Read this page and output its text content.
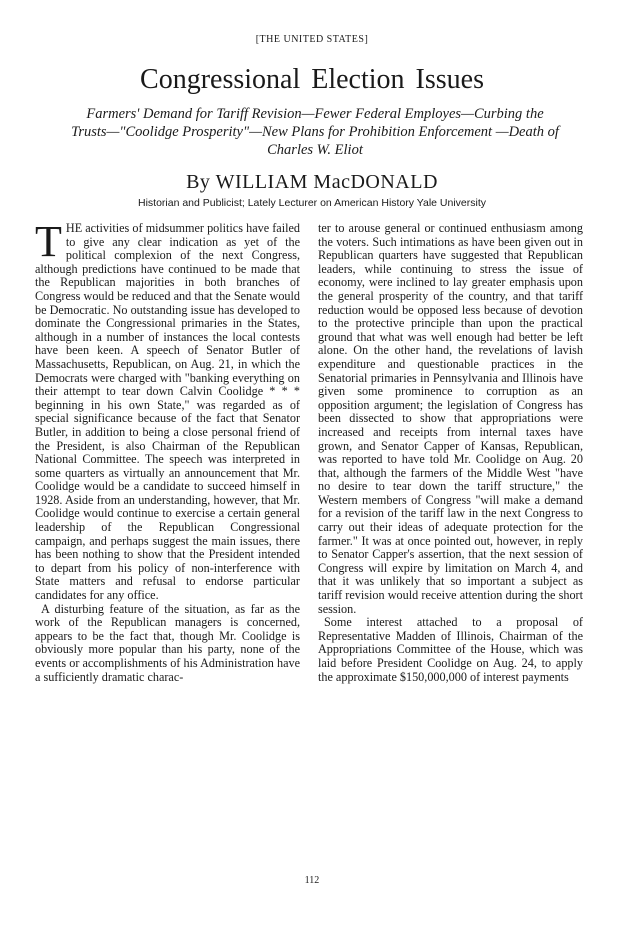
[THE UNITED STATES]
Congressional Election Issues
Farmers' Demand for Tariff Revision—Fewer Federal Employes—Curbing the Trusts—"Coolidge Prosperity"—New Plans for Prohibition Enforcement —Death of Charles W. Eliot
By WILLIAM MacDONALD
Historian and Publicist; Lately Lecturer on American History Yale University

T HE activities of midsummer politics have failed to give any clear indication as yet of the political complexion of the next Congress, although predictions have continued to be made that the Republican majorities in both branches of Congress would be reduced and that the Senate would be Democratic. No outstanding issue has developed to dominate the Congressional primaries in the States, although in a number of instances the local contests have been keen. A speech of Senator Butler of Massachusetts, Republican, on Aug. 21, in which the Democrats were charged with "banking everything on their attempt to tear down Calvin Coolidge * * * beginning in his own State," was regarded as of special significance because of the fact that Senator Butler, in addition to being a close personal friend of the President, is also Chairman of the Republican National Committee. The speech was interpreted in some quarters as virtually an announcement that Mr. Coolidge would be a candidate to succeed himself in 1928. Aside from an understanding, however, that Mr. Coolidge would continue to exercise a certain general leadership of the Republican Congressional campaign, and perhaps suggest the main issues, there has been nothing to show that the President intended to depart from his policy of non-interference with State matters and refusal to endorse particular candidates for any office.

A disturbing feature of the situation, as far as the work of the Republican managers is concerned, appears to be the fact that, though Mr. Coolidge is obviously more popular than his party, none of the events or accomplishments of his Administration have a sufficiently dramatic charac-

ter to arouse general or continued enthusiasm among the voters. Such intimations as have been given out in Republican quarters have suggested that Republican leaders, while continuing to stress the issue of economy, were inclined to lay greater emphasis upon the general prosperity of the country, and that tariff reduction would be opposed less because of devotion to the protective principle than upon the practical ground that what was well enough had better be left alone. On the other hand, the revelations of lavish expenditure and questionable practices in the Senatorial primaries in Pennsylvania and Illinois have given some prominence to corruption as an opposition argument; the legislation of Congress has been dissected to show that appropriations were increased and receipts from internal taxes have grown, and Senator Capper of Kansas, Republican, was reported to have told Mr. Coolidge on Aug. 20 that, although the farmers of the Middle West "have no desire to tear down the tariff structure," the Western members of Congress "will make a demand for a revision of the tariff law in the next Congress to carry out their ideas of adequate protection for the farmer." It was at once pointed out, however, in reply to Senator Capper's assertion, that the next session of Congress will expire by limitation on March 4, and that it was unlikely that so important a subject as tariff revision would receive attention during the short session.

Some interest attached to a proposal of Representative Madden of Illinois, Chairman of the Appropriations Committee of the House, which was laid before President Coolidge on Aug. 24, to apply the approximate $150,000,000 of interest payments

112
